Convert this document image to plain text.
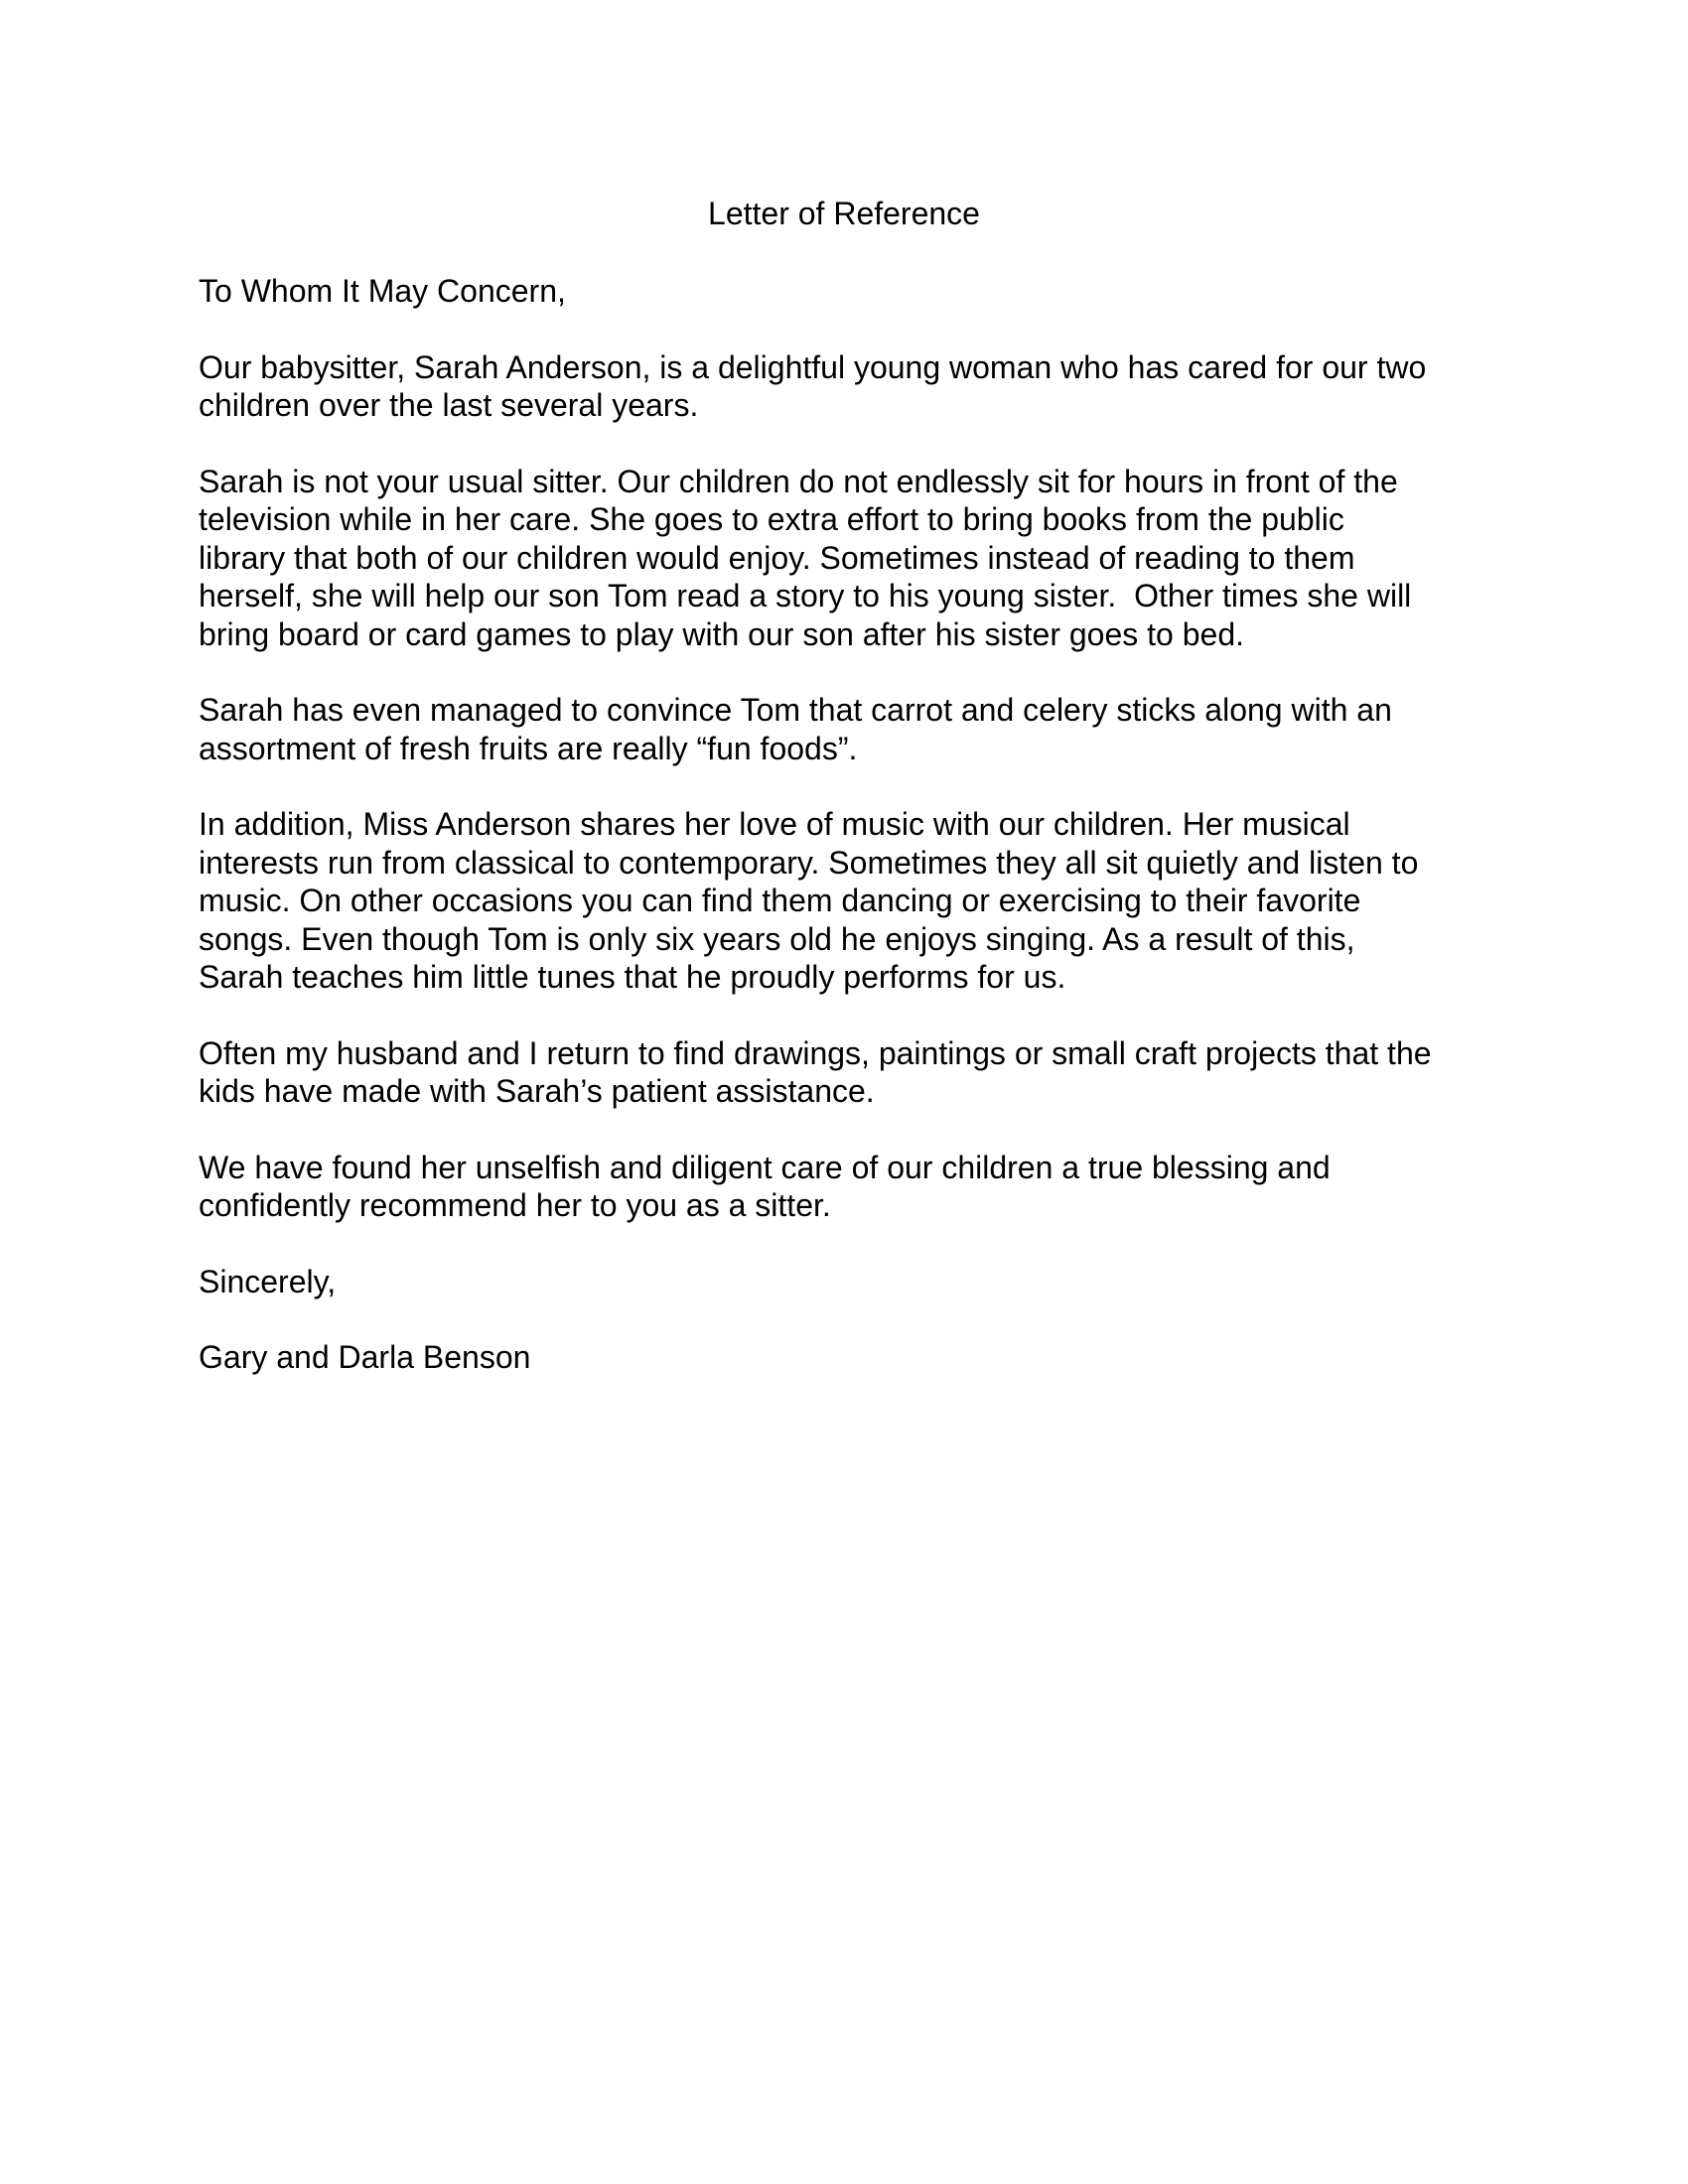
Letter of Reference

To Whom It May Concern,

Our babysitter, Sarah Anderson, is a delightful young woman who has cared for our two
children over the last several years.

Sarah is not your usual sitter. Our children do not endlessly sit for hours in front of the
television while in her care. She goes to extra effort to bring books from the public
library that both of our children would enjoy. Sometimes instead of reading to them
herself, she will help our son Tom read a story to his young sister.  Other times she will
bring board or card games to play with our son after his sister goes to bed.

Sarah has even managed to convince Tom that carrot and celery sticks along with an
assortment of fresh fruits are really “fun foods”.

In addition, Miss Anderson shares her love of music with our children. Her musical
interests run from classical to contemporary. Sometimes they all sit quietly and listen to
music. On other occasions you can find them dancing or exercising to their favorite
songs. Even though Tom is only six years old he enjoys singing. As a result of this,
Sarah teaches him little tunes that he proudly performs for us.

Often my husband and I return to find drawings, paintings or small craft projects that the
kids have made with Sarah’s patient assistance.

We have found her unselfish and diligent care of our children a true blessing and
confidently recommend her to you as a sitter.

Sincerely,

Gary and Darla Benson
